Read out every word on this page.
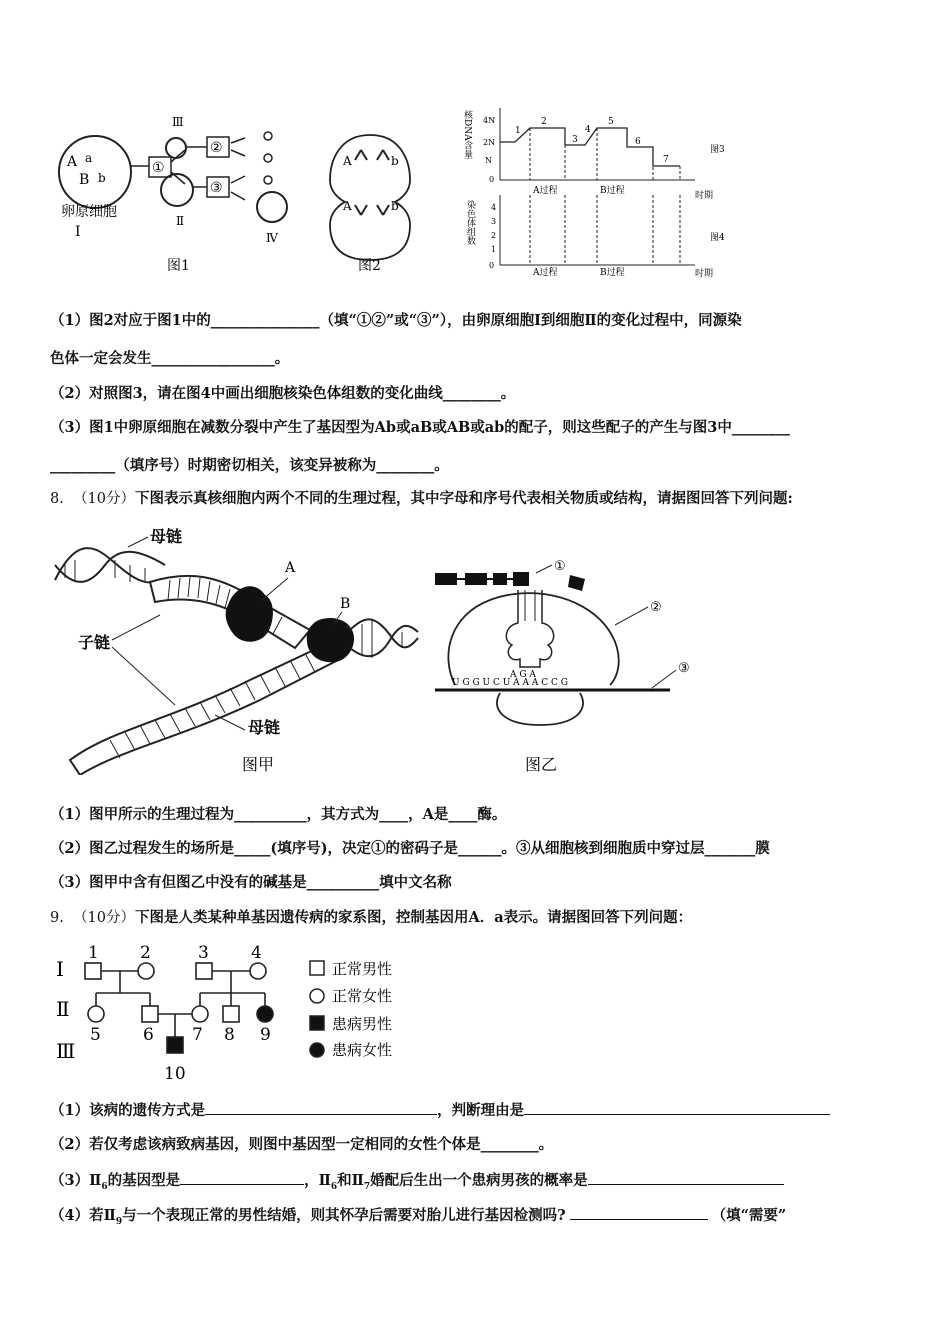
A a
B b
卵原细胞
Ⅰ
①
Ⅲ
Ⅱ
②
③
Ⅳ
图1
A	b
A	b
图2
核DNA含量 4N
2N
N
0
1
2
3
4
5
6
7
A过程	B过程	时期
图3
染色体组数 4
3
2
1
0
A过程	B过程	时期
图4
（1）图2对应于图1中的_______________（填“①②”或“③”），由卵原细胞Ⅰ到细胞Ⅱ的变化过程中，同源染
色体一定会发生_________________。
（2）对照图3，请在图4中画出细胞核染色体组数的变化曲线________。
（3）图1中卵原细胞在减数分裂中产生了基因型为Ab或aB或AB或ab的配子，则这些配子的产生与图3中________
_________（填序号）时期密切相关，该变异被称为________。
8. （10分）下图表示真核细胞内两个不同的生理过程，其中字母和序号代表相关物质或结构，请据图回答下列问题:
母链
子链
母链
A
B
图甲
①
②
A G A
U G G U C U A A A C C G
③
图乙
（1）图甲所示的生理过程为__________，其方式为____，A是____酶。
（2）图乙过程发生的场所是_____(填序号)，决定①的密码子是______。③从细胞核到细胞质中穿过层_______膜
（3）图甲中含有但图乙中没有的碱基是__________填中文名称
9. （10分）下图是人类某种单基因遗传病的家系图，控制基因用A．a表示。请据图回答下列问题：
Ⅰ
Ⅱ
Ⅲ
1 2	3 4
5 6 7 8 9
10
正常男性
正常女性
患病男性
患病女性
（1）该病的遗传方式是	，判断理由是
（2）若仅考虑该病致病基因，则图中基因型一定相同的女性个体是________。
$(3)Ⅱ_6$的基因型是	，$Ⅱ_6$和$Ⅱ_7$婚配后生出一个患病男孩的概率是
（4）若$Ⅱ_9$与一个表现正常的男性结婚，则其怀孕后需要对胎儿进行基因检测吗?	（填“需要”
